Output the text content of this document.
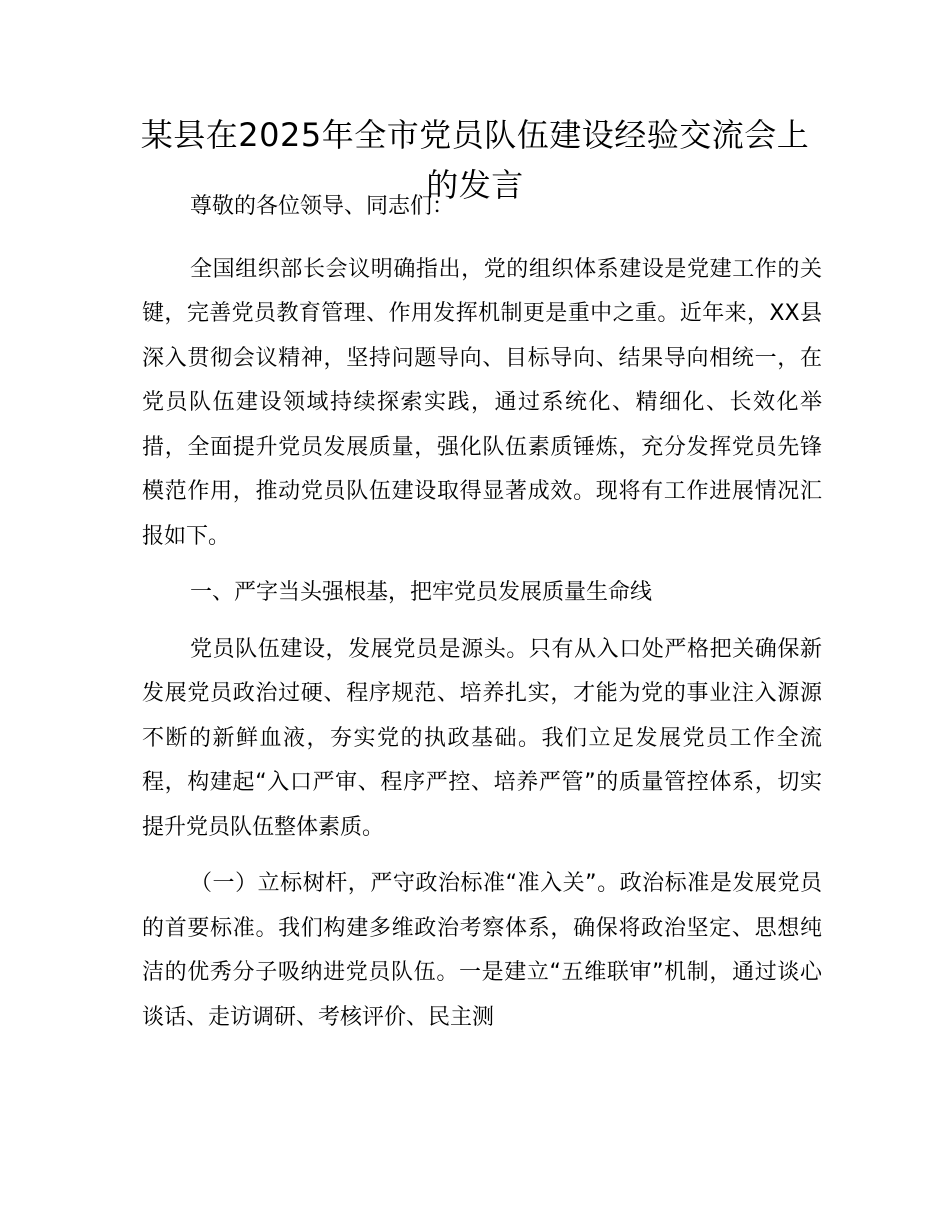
某县在2025年全市党员队伍建设经验交流会上的发言

尊敬的各位领导、同志们：

全国组织部长会议明确指出，党的组织体系建设是党建工作的关键，完善党员教育管理、作用发挥机制更是重中之重。近年来，XX县深入贯彻会议精神，坚持问题导向、目标导向、结果导向相统一，在党员队伍建设领域持续探索实践，通过系统化、精细化、长效化举措，全面提升党员发展质量，强化队伍素质锤炼，充分发挥党员先锋模范作用，推动党员队伍建设取得显著成效。现将有工作进展情况汇报如下。

一、严字当头强根基，把牢党员发展质量生命线

党员队伍建设，发展党员是源头。只有从入口处严格把关确保新发展党员政治过硬、程序规范、培养扎实，才能为党的事业注入源源不断的新鲜血液，夯实党的执政基础。我们立足发展党员工作全流程，构建起“入口严审、程序严控、培养严管”的质量管控体系，切实提升党员队伍整体素质。

（一）立标树杆，严守政治标准“准入关”。政治标准是发展党员的首要标准。我们构建多维政治考察体系，确保将政治坚定、思想纯洁的优秀分子吸纳进党员队伍。一是建立“五维联审”机制，通过谈心谈话、走访调研、考核评价、民主测
